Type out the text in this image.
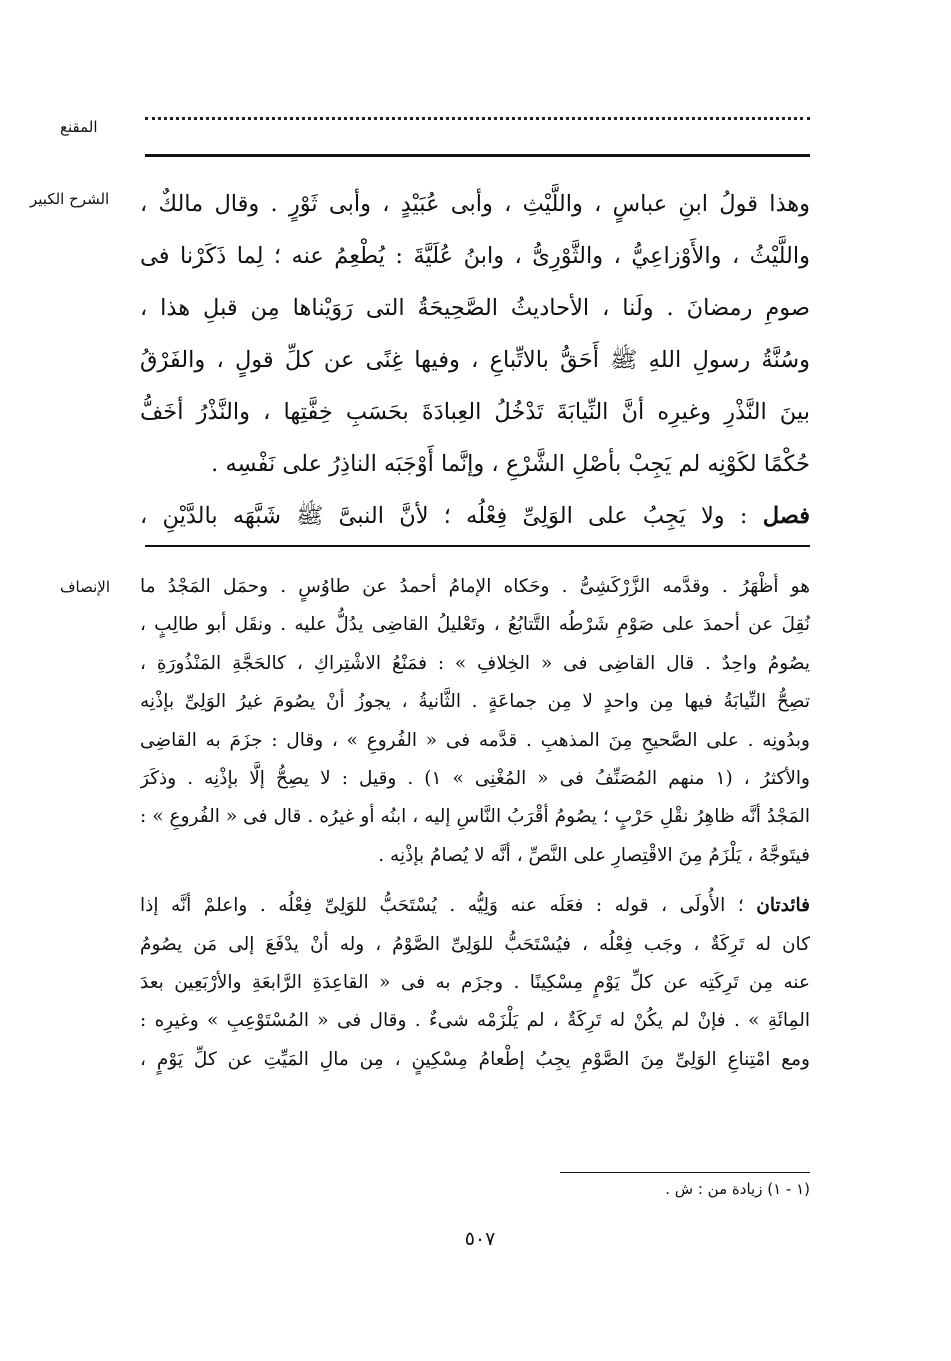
المقنع
الشرح الكبير وهذا قولُ ابنِ عباسٍ ، واللَّيْثِ ، وأبى عُبَيْدٍ ، وأبى ثَوْرٍ . وقال مالكٌ ،
واللَّيْثُ ، والأَوْزاعِيُّ ، والثَّوْرِىُّ ، وابنُ عُلَيَّةَ : يُطْعِمُ عنه ؛ لِما ذَكَرْنا فى
صومِ رمضانَ . ولَنا ، الأحاديثُ الصَّحِيحَةُ التى رَوَيْناها مِن قبلِ هذا ،
وسُنَّةُ رسولِ اللهِ ﷺ أَحَقُّ بالاتِّباعِ ، وفيها غِنًى عن كلِّ قولٍ ، والفَرْقُ
بينَ النَّذْرِ وغيرِه أنَّ النِّيابَةَ تَدْخُلُ العِبادَةَ بحَسَبِ خِفَّتِها ، والنَّذْرُ أخَفُّ
حُكْمًا لكَوْنِه لم يَجِبْ بأصْلِ الشَّرْعِ ، وإنَّما أَوْجَبَه الناذِرُ على نَفْسِه .
فصل : ولا يَجِبُ على الوَلِىِّ فِعْلُه ؛ لأنَّ النبىَّ ﷺ شَبَّهَه بالدَّيْنِ ،
الإنصاف هو أظْهَرُ . وقدَّمه الزَّرْكَشِىُّ . وحَكاه الإمامُ أحمدُ عن طاوُسٍ . وحمَل المَجْدُ ما
نُقِلَ عن أحمدَ على صَوْمِ شَرْطُه التَّتابُعُ ، وتَعْليلُ القاضِى يدُلُّ عليه . ونقَل أبو طالِبٍ ،
يصُومُ واحِدٌ . قال القاضِى فى « الخِلافِ » : فمَنْعُ الاشْتِراكِ ، كالحَجَّةِ المَنْذُورَةِ ،
تصِحُّ النِّيابَةُ فيها مِن واحدٍ لا مِن جماعَةٍ . الثَّانيةُ ، يجوزُ أنْ يصُومَ غيرُ الوَلِىِّ بإذْنِه
وبدُونِه . على الصَّحيحِ مِنَ المذهبِ . قدَّمه فى « الفُروعِ » ، وقال : جزَمَ به القاضِى
والأكثرُ ، (١ منهم المُصَنِّفُ فى « المُغْنِى » ١) . وقيل : لا يصِحُّ إلَّا بإذْنِه . وذكَرَ
المَجْدُ أنَّه ظاهِرُ نقْلِ حَرْبٍ ؛ يصُومُ أقْرَبُ النَّاسِ إليه ، ابنُه أو غيرُه . قال فى « الفُروعِ » :
فيتَوجَّهُ ، يَلْزَمُ مِنَ الاقْتِصارِ على النَّصِّ ، أنَّه لا يُصامُ بإذْنِه .
فائدتان ؛ الأُولَى ، قوله : فعَلَه عنه وَلِيُّه . يُسْتَحَبُّ للوَلِىِّ فِعْلُه . واعلمْ أنَّه إذا
كان له تَرِكَةٌ ، وجَب فِعْلُه ، فيُسْتَحَبُّ للوَلِىِّ الصَّوْمُ ، وله أنْ يدْفَعَ إلى مَن يصُومُ
عنه مِن تَرِكَتِه عن كلِّ يَوْمٍ مِسْكِينًا . وجزَم به فى « القاعِدَةِ الرَّابعَةِ والأرْبَعِين بعدَ
المِائَةِ » . فإنْ لم يكُنْ له تَرِكَةٌ ، لم يَلْزَمْه شىءٌ . وقال فى « المُسْتَوْعِبِ » وغيرِه :
ومع امْتِناعِ الوَلِىِّ مِنَ الصَّوْمِ يجِبُ إطْعامُ مِسْكِينٍ ، مِن مالِ المَيِّتِ عن كلِّ يَوْمٍ ،
(١ - ١) زيادة من : ش .
٥٠٧
